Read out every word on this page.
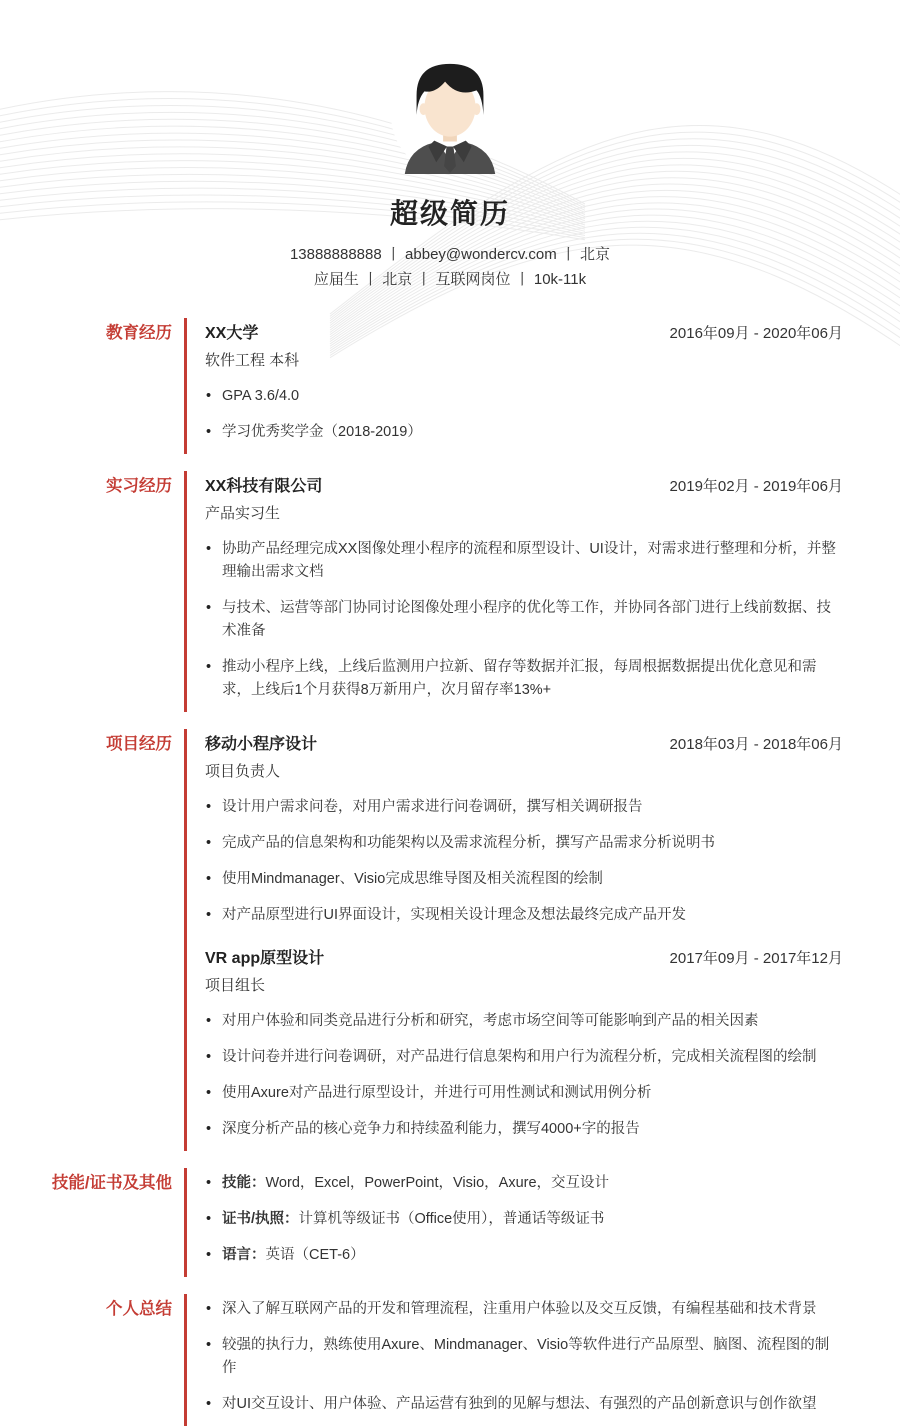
超级简历
13888888888 丨 abbey@wondercv.com 丨 北京
应届生 丨 北京 丨 互联网岗位 丨 10k-11k
教育经历 XX大学	2016年09月 - 2020年06月
软件工程 本科
• GPA 3.6/4.0
• 学习优秀奖学金（2018-2019）
实习经历 XX科技有限公司	2019年02月 - 2019年06月
产品实习生
• 协助产品经理完成XX图像处理小程序的流程和原型设计、UI设计，对需求进行整理和分析，并整理输出需求文档
• 与技术、运营等部门协同讨论图像处理小程序的优化等工作，并协同各部门进行上线前数据、技术准备
• 推动小程序上线，上线后监测用户拉新、留存等数据并汇报，每周根据数据提出优化意见和需求，上线后1个月获得8万新用户，次月留存率13%+
项目经历 移动小程序设计	2018年03月 - 2018年06月
项目负责人
• 设计用户需求问卷，对用户需求进行问卷调研，撰写相关调研报告
• 完成产品的信息架构和功能架构以及需求流程分析，撰写产品需求分析说明书
• 使用Mindmanager、Visio完成思维导图及相关流程图的绘制
• 对产品原型进行UI界面设计，实现相关设计理念及想法最终完成产品开发
VR app原型设计	2017年09月 - 2017年12月
项目组长
• 对用户体验和同类竞品进行分析和研究，考虑市场空间等可能影响到产品的相关因素
• 设计问卷并进行问卷调研，对产品进行信息架构和用户行为流程分析，完成相关流程图的绘制
• 使用Axure对产品进行原型设计，并进行可用性测试和测试用例分析
• 深度分析产品的核心竞争力和持续盈利能力，撰写4000+字的报告
技能/证书及其他	• 技能：Word，Excel，PowerPoint，Visio，Axure，交互设计
• 证书/执照：计算机等级证书（Office使用），普通话等级证书
• 语言：英语（CET-6）
个人总结	• 深入了解互联网产品的开发和管理流程，注重用户体验以及交互反馈，有编程基础和技术背景
• 较强的执行力，熟练使用Axure、Mindmanager、Visio等软件进行产品原型、脑图、流程图的制作
• 对UI交互设计、用户体验、产品运营有独到的见解与想法、有强烈的产品创新意识与创作欲望
